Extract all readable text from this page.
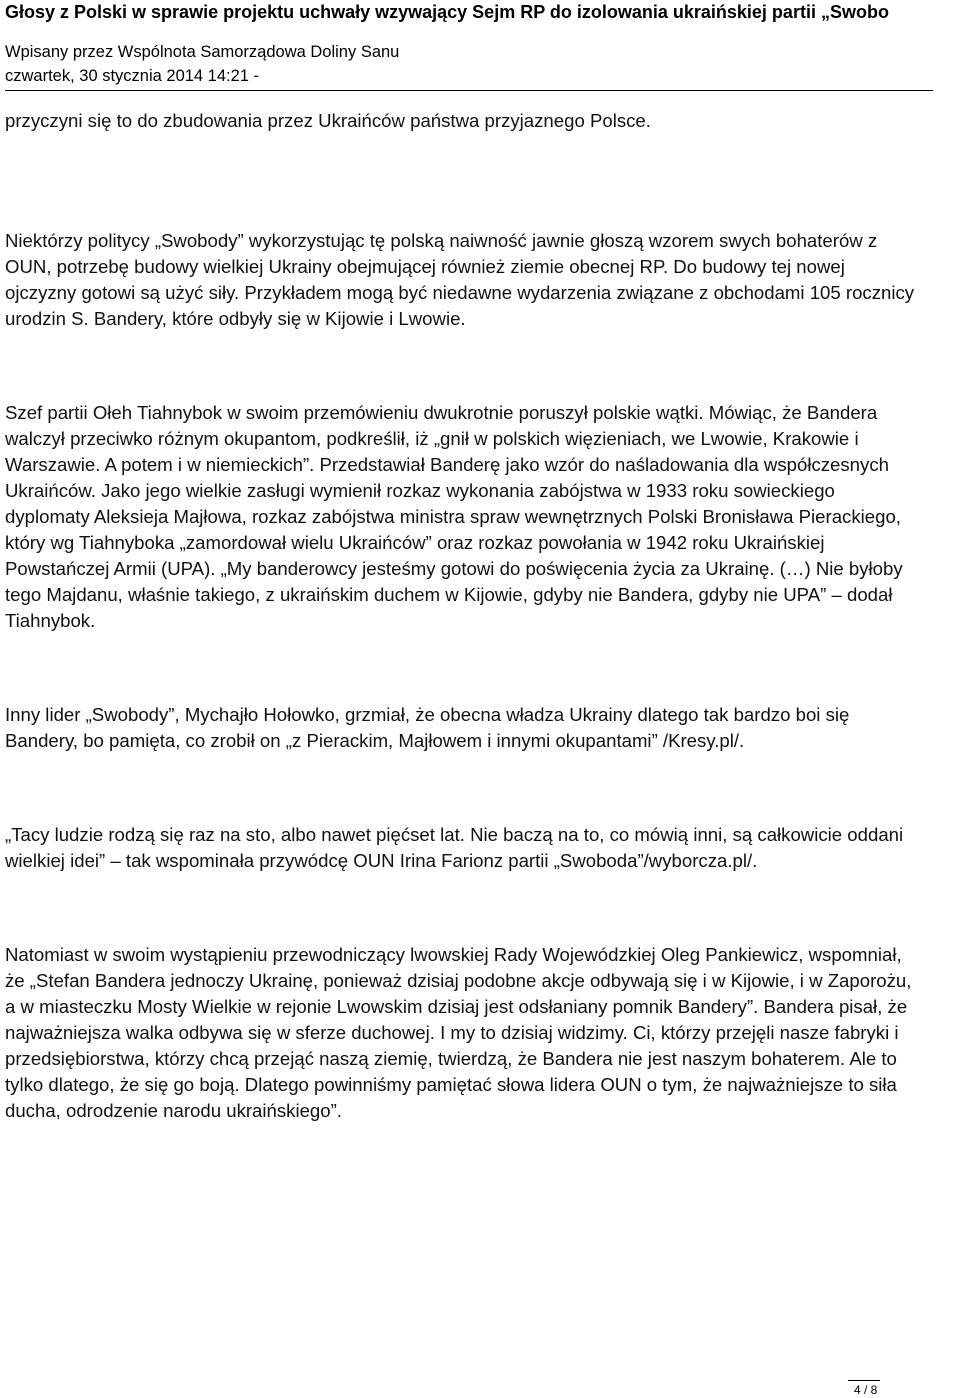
Głosy z Polski w sprawie projektu uchwały wzywający Sejm RP do izolowania ukraińskiej partii „Swobo
Wpisany przez Wspólnota Samorządowa Doliny Sanu
czwartek, 30 stycznia 2014 14:21 -

przyczyni się to do zbudowania przez Ukraińców państwa przyjaznego Polsce.

Niektórzy politycy „Swobody” wykorzystując tę polską naiwność jawnie głoszą wzorem swych bohaterów z OUN, potrzebę budowy wielkiej Ukrainy obejmującej również ziemie obecnej RP. Do budowy tej nowej ojczyzny gotowi są użyć siły. Przykładem mogą być niedawne wydarzenia związane z obchodami 105 rocznicy urodzin S. Bandery, które odbyły się w Kijowie i Lwowie.

Szef partii Ołeh Tiahnybok w swoim przemówieniu dwukrotnie poruszył polskie wątki. Mówiąc, że Bandera walczył przeciwko różnym okupantom, podkreślił, iż „gnił w polskich więzieniach, we Lwowie, Krakowie i Warszawie. A potem i w niemieckich”. Przedstawiał Banderę jako wzór do naśladowania dla współczesnych Ukraińców. Jako jego wielkie zasługi wymienił rozkaz wykonania zabójstwa w 1933 roku sowieckiego dyplomaty Aleksieja Majłowa, rozkaz zabójstwa ministra spraw wewnętrznych Polski Bronisława Pierackiego, który wg Tiahnyboka „zamordował wielu Ukraińców” oraz rozkaz powołania w 1942 roku Ukraińskiej Powstańczej Armii (UPA). „My banderowcy jesteśmy gotowi do poświęcenia życia za Ukrainę. (…) Nie byłoby tego Majdanu, właśnie takiego, z ukraińskim duchem w Kijowie, gdyby nie Bandera, gdyby nie UPA” – dodał Tiahnybok.

Inny lider „Swobody”, Mychajło Hołowko, grzmiał, że obecna władza Ukrainy dlatego tak bardzo boi się Bandery, bo pamięta, co zrobił on „z Pierackim, Majłowem i innymi okupantami” /Kresy.pl/.

„Tacy ludzie rodzą się raz na sto, albo nawet pięćset lat. Nie baczą na to, co mówią inni, są całkowicie oddani wielkiej idei” – tak wspominała przywódcę OUN Irina Farionz partii „Swoboda”/wyborcza.pl/.

Natomiast w swoim wystąpieniu przewodniczący lwowskiej Rady Wojewódzkiej Oleg Pankiewicz, wspomniał, że „Stefan Bandera jednoczy Ukrainę, ponieważ dzisiaj podobne akcje odbywają się i w Kijowie, i w Zaporożu, a w miasteczku Mosty Wielkie w rejonie Lwowskim dzisiaj jest odsłaniany pomnik Bandery”. Bandera pisał, że najważniejsza walka odbywa się w sferze duchowej. I my to dzisiaj widzimy. Ci, którzy przejęli nasze fabryki i przedsiębiorstwa, którzy chcą przejąć naszą ziemię, twierdzą, że Bandera nie jest naszym bohaterem. Ale to tylko dlatego, że się go boją. Dlatego powinniśmy pamiętać słowa lidera OUN o tym, że najważniejsze to siła ducha, odrodzenie narodu ukraińskiego”.

4 / 8
